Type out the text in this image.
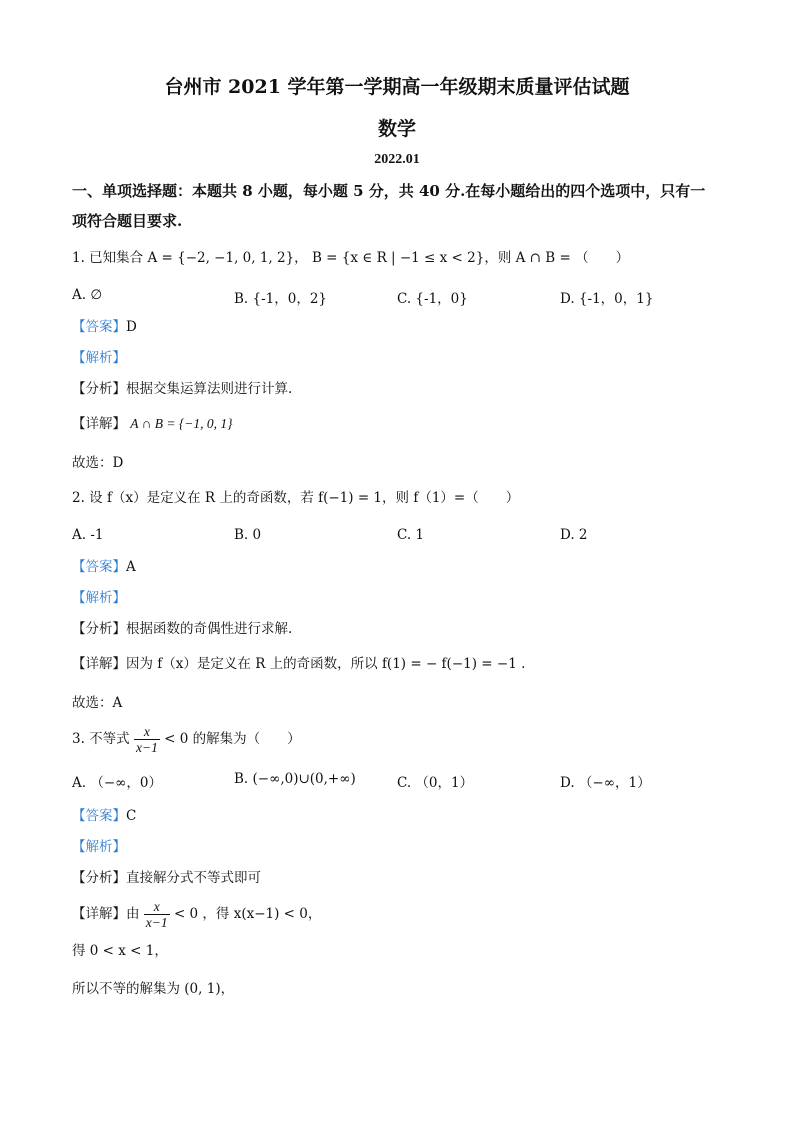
台州市 2021 学年第一学期高一年级期末质量评估试题
数学
2022.01
一、单项选择题：本题共 8 小题，每小题 5 分，共 40 分.在每小题给出的四个选项中，只有一
项符合题目要求.
1. 已知集合 A = {−2, −1, 0, 1, 2}， B = {x ∈ R | −1 ≤ x < 2}，则 A ∩ B = （　　）
A. ∅	B. {-1，0，2}	C. {-1，0}	D. {-1，0，1}
【答案】D
【解析】
【分析】根据交集运算法则进行计算.
【详解】 A ∩ B = {−1, 0, 1}
故选：D
2. 设 f（x）是定义在 R 上的奇函数，若 f(−1) = 1，则 f（1）=（　　）
A. -1	B. 0	C. 1	D. 2
【答案】A
【解析】
【分析】根据函数的奇偶性进行求解.
【详解】因为 f（x）是定义在 R 上的奇函数，所以 f(1) = − f(−1) = −1 .
故选：A
3. 不等式 $\frac{x}{x-1} < 0$ 的解集为（　　）
A. （−∞，0）	B. (−∞,0)∪(0,+∞)	C. （0，1）	D. （−∞，1）
【答案】C
【解析】
【分析】直接解分式不等式即可
【详解】由 $\frac{x}{x-1} < 0$ ，得 x(x−1) < 0，
得 0 < x < 1，
所以不等的解集为 (0, 1)，
